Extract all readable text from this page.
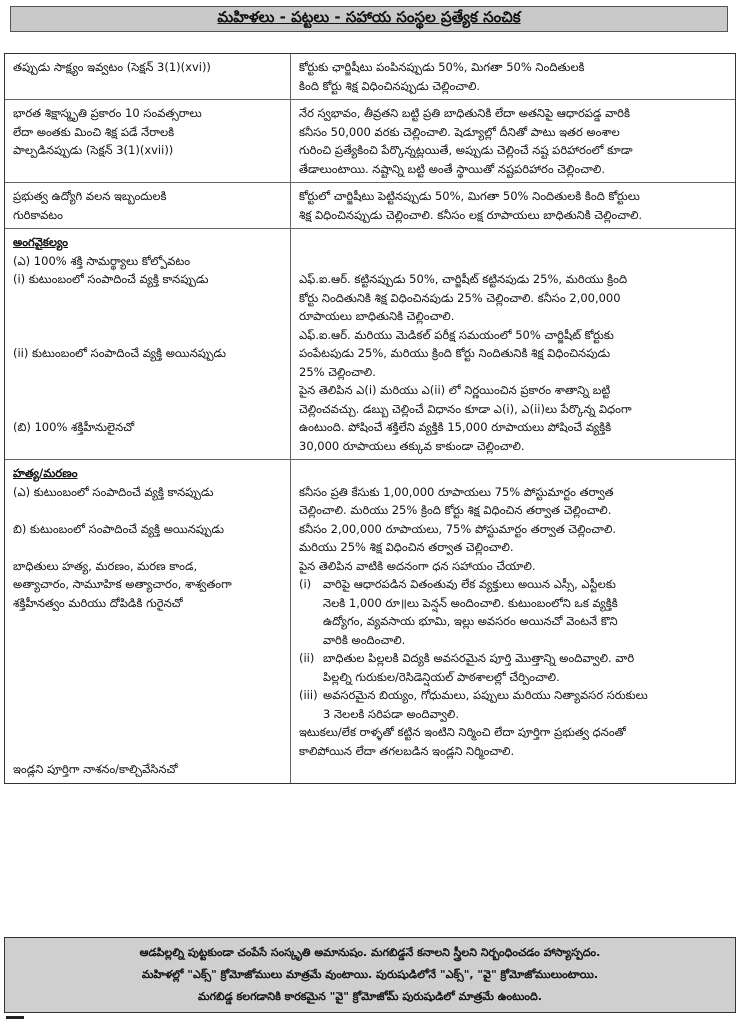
మహిళలు - పట్టలు - సహాయ సంస్థల ప్రత్యేక సంచిక
తప్పుడు సాక్ష్యం ఇవ్వటం (సెక్షన్ 3(1)(xvi))	కోర్టుకు ఛార్జిషీటు పంపినప్పుడు 50%, మిగతా 50% నిందితులకి
కింది కోర్టు శిక్ష విధించినప్పుడు చెల్లించాలి.
భారత శిక్షాస్మృతి ప్రకారం 10 సంవత్సరాలు
లేదా అంతకు మించి శిక్ష పడే నేరాలకి
పాల్పడినప్పుడు (సెక్షన్ 3(1)(xvii))
నేర స్వభావం, తీవ్రతని బట్టి ప్రతి బాధితునికి లేదా అతనిపై ఆధారపడ్డ వారికి
కనీసం 50,000 వరకు చెల్లించాలి. షెడ్యూల్లో దీనితో పాటు ఇతర అంశాల
గురించి ప్రత్యేకించి పేర్కొన్నట్లయితే, అప్పుడు చెల్లించే నష్ట పరిహారంలో కూడా
తేడాలుంటాయి. నష్టాన్ని బట్టి అంతే స్థాయితో నష్టపరిహారం చెల్లించాలి.
ప్రభుత్వ ఉద్యోగి వలన ఇబ్బందులకి
గురికావటం
కోర్టులో చార్జిషీటు పెట్టినప్పుడు 50%, మిగతా 50% నిందితులకి కింది కోర్టులు
శిక్ష విధించినప్పుడు చెల్లించాలి. కనీసం లక్ష రూపాయలు బాధితునికి చెల్లించాలి.
అంగవైకల్యం
(ఎ) 100% శక్తి సామర్థ్యాలు కోల్పోవటం
(i) కుటుంబంలో సంపాదించే వ్యక్తి కానప్పుడు
(ii) కుటుంబంలో సంపాదించే వ్యక్తి అయినప్పుడు
(బి) 100% శక్తిహీనులైనచో
ఎఫ్.ఐ.ఆర్. కట్టినప్పుడు 50%, చార్జిషీట్ కట్టినపుడు 25%, మరియు క్రింది
కోర్టు నిందితునికి శిక్ష విధించినపుడు 25% చెల్లించాలి. కనీసం 2,00,000
రూపాయలు బాధితునికి చెల్లించాలి.
ఎఫ్.ఐ.ఆర్. మరియు మెడికల్ పరీక్ష సమయంలో 50% చార్జిషీట్ కోర్టుకు
పంపేటపుడు 25%, మరియు క్రింది కోర్టు నిందితునికి శిక్ష విధించినపుడు
25% చెల్లించాలి.
పైన తెలిపిన ఎ(i) మరియు ఎ(ii) లో నిర్ణయించిన ప్రకారం శాతాన్ని బట్టి
చెల్లించవచ్చు. డబ్బు చెల్లించే విధానం కూడా ఎ(i), ఎ(ii)లు పేర్కొన్న విధంగా
ఉంటుంది. పోషించే శక్తిలేని వ్యక్తికి 15,000 రూపాయలు పోషించే వ్యక్తికి
30,000 రూపాయలు తక్కువ కాకుండా చెల్లించాలి.
హత్య/మరణం
(ఎ) కుటుంబంలో సంపాదించే వ్యక్తి కానప్పుడు
బి) కుటుంబంలో సంపాదించే వ్యక్తి అయినప్పుడు
బాధితులు హత్య, మరణం, మరణ కాండ,
అత్యాచారం, సామూహిక అత్యాచారం, శాశ్వతంగా
శక్తిహీనత్వం మరియు దోపిడికి గురైనచో
ఇండ్లని పూర్తిగా నాశనం/కాల్చివేసినచో
కనీసం ప్రతి కేసుకు 1,00,000 రూపాయలు 75% పోస్టుమార్టం తర్వాత
చెల్లించాలి. మరియు 25% క్రింది కోర్టు శిక్ష విధించిన తర్వాత చెల్లించాలి.
కనీసం 2,00,000 రూపాయలు, 75% పోస్టుమార్టం తర్వాత చెల్లించాలి.
మరియు 25% శిక్ష విధించిన తర్వాత చెల్లించాలి.
పైన తెలిపిన వాటికి అదనంగా ధన సహాయం చేయాలి.
(i)	వారిపై ఆధారపడిన వితంతువు లేక వ్యక్తులు అయిన ఎస్సీ, ఎస్టీలకు
నెలకి 1,000 రూ॥లు పెన్షన్ అందించాలి. కుటుంబంలోని ఒక వ్యక్తికి
ఉద్యోగం, వ్యవసాయ భూమి, ఇల్లు అవసరం అయినచో వెంటనే కొని
వారికి అందించాలి.
(ii) బాధితుల పిల్లలకి విద్యకి అవసరమైన పూర్తి మొత్తాన్ని అందివ్వాలి. వారి
పిల్లల్ని గురుకుల/రెసిడెన్షియల్ పాఠశాలల్లో చేర్పించాలి.
(iii) అవసరమైన బియ్యం, గోధుమలు, పప్పులు మరియు నిత్యావసర సరుకులు
3 నెలలకి సరిపడా అందివ్వాలి.
ఇటుకలు/లేక రాళ్ళతో కట్టిన ఇంటిని నిర్మించి లేదా పూర్తిగా ప్రభుత్వ ధనంతో
కాలిపోయిన లేదా తగలబడిన ఇండ్లని నిర్మించాలి.
ఆడపిల్లల్ని పుట్టకుండా చంపేసే సంస్కృతి అమానుషం. మగబిడ్డనే కనాలని స్త్రీలని నిర్బంధించడం హాస్యాస్పదం.
మహిళల్లో "ఎక్స్" క్రోమోజోములు మాత్రమే వుంటాయి. పురుషుడిలోనే "ఎక్స్", "వై" క్రోమోజోములుంటాయి.
మగబిడ్డ కలగడానికి కారకమైన "వై" క్రోమోజోమ్ పురుషుడిలో మాత్రమే ఉంటుంది.
